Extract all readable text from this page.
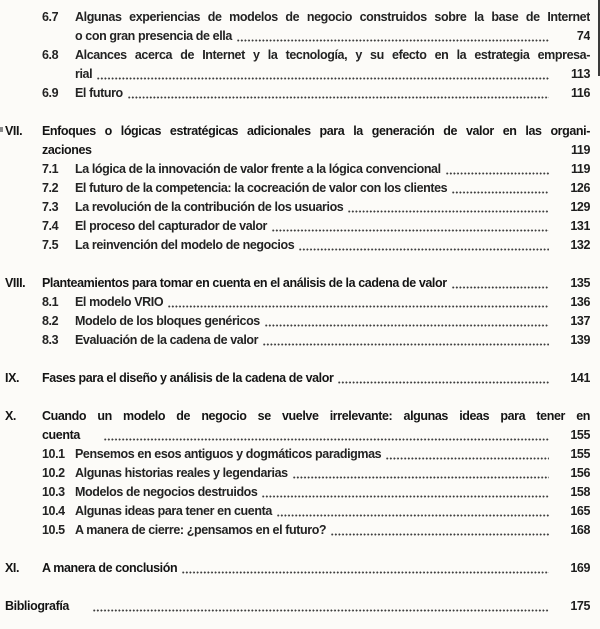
6.7	Algunas experiencias de modelos de negocio construidos sobre la base de Internet
o con gran presencia de ella	74
6.8	Alcances acerca de Internet y la tecnología, y su efecto en la estrategia empresa-
rial	113
6.9	El futuro	116
VII.	Enfoques o lógicas estratégicas adicionales para la generación de valor en las organi-
zaciones	119
7.1	La lógica de la innovación de valor frente a la lógica convencional	119
7.2	El futuro de la competencia: la cocreación de valor con los clientes	126
7.3	La revolución de la contribución de los usuarios	129
7.4	El proceso del capturador de valor	131
7.5	La reinvención del modelo de negocios	132
VIII.	Planteamientos para tomar en cuenta en el análisis de la cadena de valor	135
8.1	El modelo VRIO	136
8.2	Modelo de los bloques genéricos	137
8.3	Evaluación de la cadena de valor	139
IX.	Fases para el diseño y análisis de la cadena de valor	141
X.	Cuando un modelo de negocio se vuelve irrelevante: algunas ideas para tener en
cuenta	155
10.1 Pensemos en esos antiguos y dogmáticos paradigmas	155
10.2 Algunas historias reales y legendarias	156
10.3 Modelos de negocios destruidos	158
10.4 Algunas ideas para tener en cuenta	165
10.5 A manera de cierre: ¿pensamos en el futuro?	168
XI.	A manera de conclusión	169
Bibliografía	175
